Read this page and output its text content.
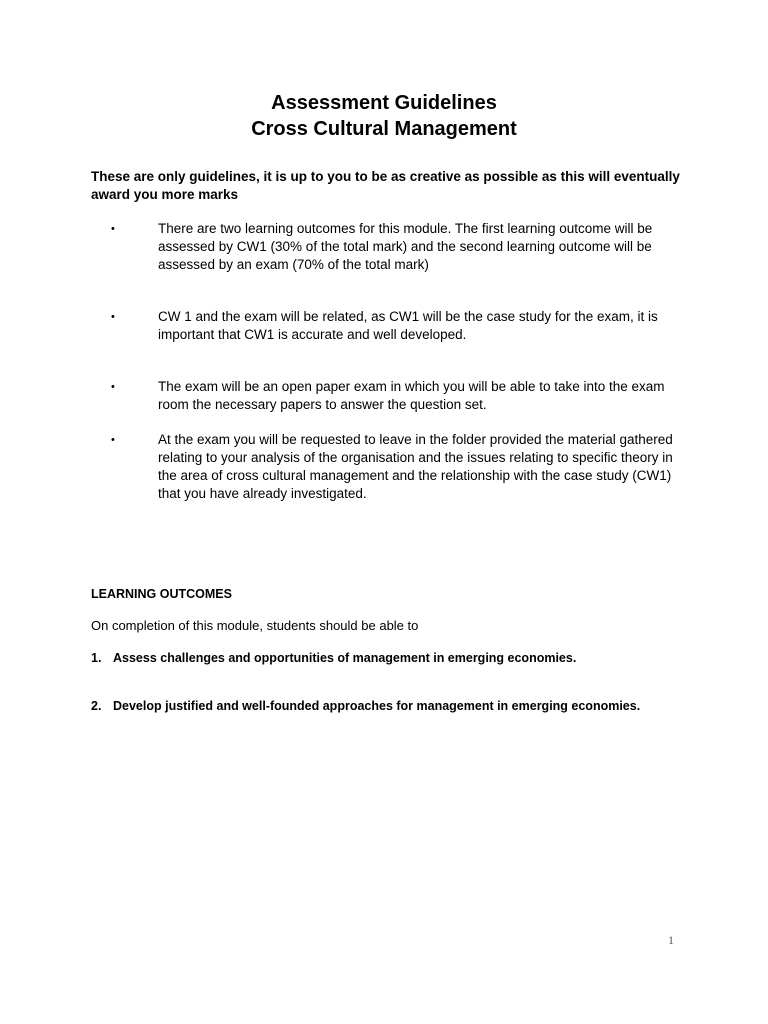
Assessment Guidelines
Cross Cultural Management

These are only guidelines, it is up to you to be as creative as possible as this will eventually award you more marks

•	There are two learning outcomes for this module. The first learning outcome will be assessed by CW1 (30% of the total mark) and the second learning outcome will be assessed by an exam (70% of the total mark)

•	CW 1 and the exam will be related, as CW1 will be the case study for the exam, it is important that CW1 is accurate and well developed.

•	The exam will be an open paper exam in which you will be able to take into the exam room the necessary papers to answer the question set.

•	At the exam you will be requested to leave in the folder provided the material gathered relating to your analysis of the organisation and the issues relating to specific theory in the area of cross cultural management and the relationship with the case study (CW1) that you have already investigated.

LEARNING OUTCOMES

On completion of this module, students should be able to

1. Assess challenges and opportunities of management in emerging economies.

2. Develop justified and well-founded approaches for management in emerging economies.

1
